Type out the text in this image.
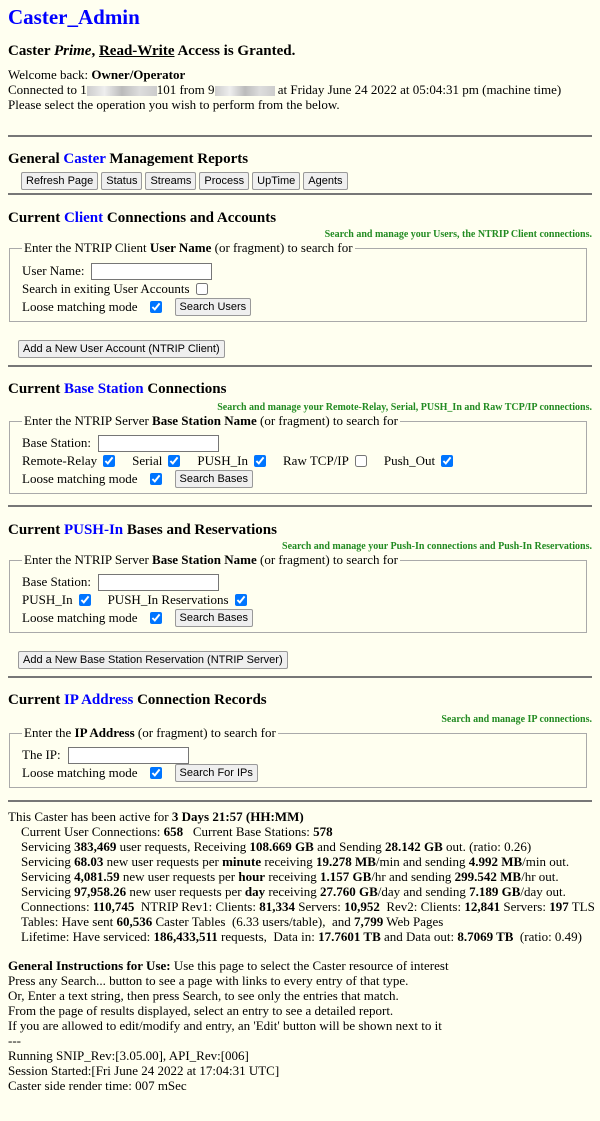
Caster_Admin
Caster Prime, Read-Write Access is Granted.
Welcome back: Owner/Operator
Connected to 1	101 from 9	at Friday June 24 2022 at 05:04:31 pm (machine time)
Please select the operation you wish to perform from the below.
General Caster Management Reports
Refresh Page	Status	Streams	Process	UpTime	Agents
Current Client Connections and Accounts
Search and manage your Users, the NTRIP Client connections.
Enter the NTRIP Client User Name (or fragment) to search for
User Name:
Search in exiting User Accounts
Loose matching mode	Search Users
Add a New User Account (NTRIP Client)
Current Base Station Connections
Search and manage your Remote-Relay, Serial, PUSH_In and Raw TCP/IP connections.
Enter the NTRIP Server Base Station Name (or fragment) to search for
Base Station:
Remote-Relay	Serial	PUSH_In	Raw TCP/IP	Push_Out
Loose matching mode	Search Bases
Current PUSH-In Bases and Reservations
Search and manage your Push-In connections and Push-In Reservations.
Enter the NTRIP Server Base Station Name (or fragment) to search for
Base Station:
PUSH_In	PUSH_In Reservations
Loose matching mode	Search Bases
Add a New Base Station Reservation (NTRIP Server)
Current IP Address Connection Records
Search and manage IP connections.
Enter the IP Address (or fragment) to search for
The IP:
Loose matching mode	Search For IPs
This Caster has been active for 3 Days 21:57 (HH:MM)
Current User Connections: 658   Current Base Stations: 578
Servicing 383,469 user requests, Receiving 108.669 GB and Sending 28.142 GB out. (ratio: 0.26)
Servicing 68.03 new user requests per minute receiving 19.278 MB/min and sending 4.992 MB/min out.
Servicing 4,081.59 new user requests per hour receiving 1.157 GB/hr and sending 299.542 MB/hr out.
Servicing 97,958.26 new user requests per day receiving 27.760 GB/day and sending 7.189 GB/day out.
Connections: 110,745  NTRIP Rev1: Clients: 81,334 Servers: 10,952  Rev2: Clients: 12,841 Servers: 197 TLS
Tables: Have sent 60,536 Caster Tables  (6.33 users/table),  and 7,799 Web Pages
Lifetime: Have serviced: 186,433,511 requests,  Data in: 17.7601 TB and Data out: 8.7069 TB  (ratio: 0.49)
General Instructions for Use: Use this page to select the Caster resource of interest
Press any Search... button to see a page with links to every entry of that type.
Or, Enter a text string, then press Search, to see only the entries that match.
From the page of results displayed, select an entry to see a detailed report.
If you are allowed to edit/modify and entry, an 'Edit' button will be shown next to it
---
Running SNIP_Rev:[3.05.00], API_Rev:[006]
Session Started:[Fri June 24 2022 at 17:04:31 UTC]
Caster side render time: 007 mSec
